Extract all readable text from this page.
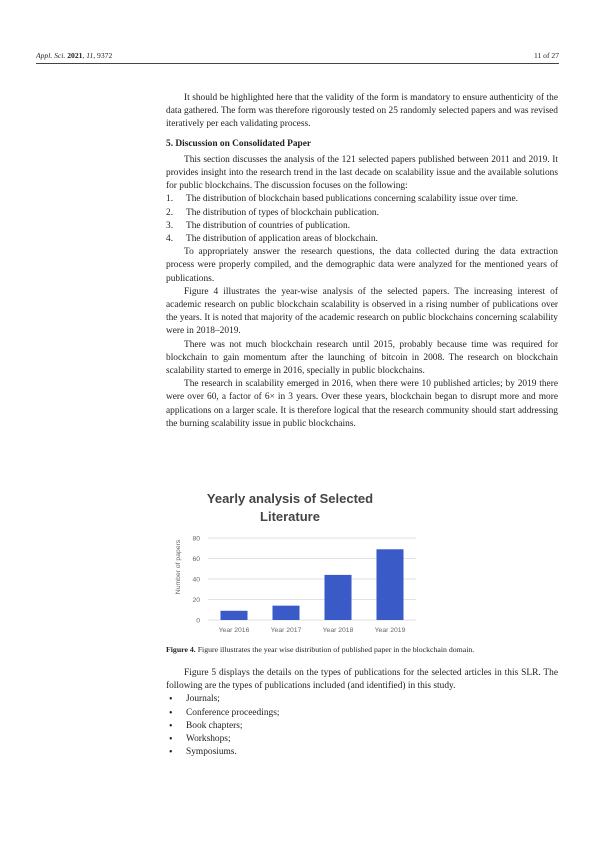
Appl. Sci. 2021, 11, 9372	11 of 27

It should be highlighted here that the validity of the form is mandatory to ensure authenticity of the data gathered. The form was therefore rigorously tested on 25 randomly selected papers and was revised iteratively per each validating process.

5. Discussion on Consolidated Paper

This section discusses the analysis of the 121 selected papers published between 2011 and 2019. It provides insight into the research trend in the last decade on scalability issue and the available solutions for public blockchains. The discussion focuses on the following:

1. The distribution of blockchain based publications concerning scalability issue over time.
2. The distribution of types of blockchain publication.
3. The distribution of countries of publication.
4. The distribution of application areas of blockchain.

To appropriately answer the research questions, the data collected during the data extraction process were properly compiled, and the demographic data were analyzed for the mentioned years of publications.

Figure 4 illustrates the year-wise analysis of the selected papers. The increasing interest of academic research on public blockchain scalability is observed in a rising number of publications over the years. It is noted that majority of the academic research on public blockchains concerning scalability were in 2018–2019.

There was not much blockchain research until 2015, probably because time was required for blockchain to gain momentum after the launching of bitcoin in 2008. The research on blockchain scalability started to emerge in 2016, specially in public blockchains.

The research in scalability emerged in 2016, when there were 10 published articles; by 2019 there were over 60, a factor of 6× in 3 years. Over these years, blockchain began to disrupt more and more applications on a larger scale. It is therefore logical that the research community should start addressing the burning scalability issue in public blockchains.

Yearly analysis of Selected
Literature
Number of papers
0
20
40
60
80
Year 2016	Year 2017	Year 2018	Year 2019
Figure 4. Figure illustrates the year wise distribution of published paper in the blockchain domain.

Figure 5 displays the details on the types of publications for the selected articles in this SLR. The following are the types of publications included (and identified) in this study.

• Journals;
• Conference proceedings;
• Book chapters;
• Workshops;
• Symposiums.
